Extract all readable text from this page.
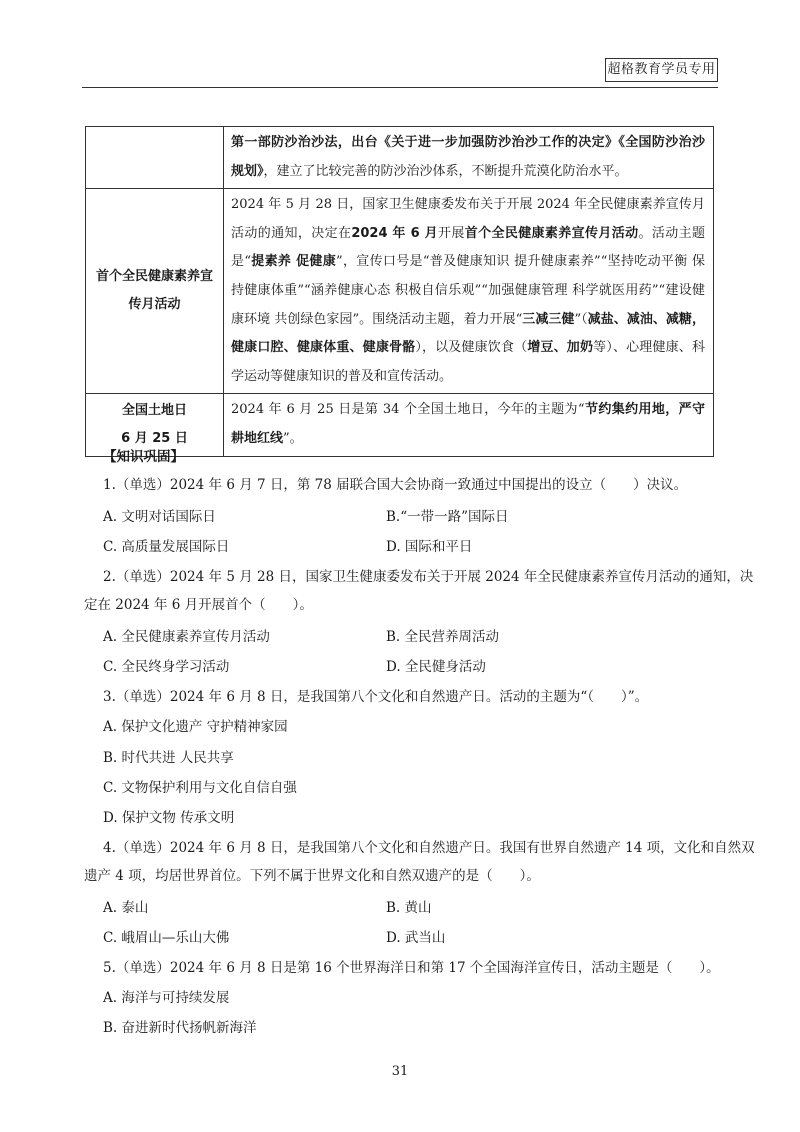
超格教育学员专用
	第一部防沙治沙法，出台《关于进一步加强防沙治沙工作的决定》《全国防沙治沙规划》，建立了比较完善的防沙治沙体系，不断提升荒漠化防治水平。
首个全民健康素养宣传月活动	2024 年 5 月 28 日，国家卫生健康委发布关于开展 2024 年全民健康素养宣传月活动的通知，决定在2024 年 6 月开展首个全民健康素养宣传月活动。活动主题是“提素养 促健康”，宣传口号是“普及健康知识 提升健康素养”“坚持吃动平衡 保持健康体重”“涵养健康心态 积极自信乐观”“加强健康管理 科学就医用药”“建设健康环境 共创绿色家园”。围绕活动主题，着力开展“三减三健”（减盐、减油、减糖，健康口腔、健康体重、健康骨骼），以及健康饮食（增豆、加奶等）、心理健康、科学运动等健康知识的普及和宣传活动。

全国土地日
6 月 25 日	2024 年 6 月 25 日是第 34 个全国土地日，今年的主题为“节约集约用地，严守耕地红线”。
【知识巩固】
1.（单选）2024 年 6 月 7 日，第 78 届联合国大会协商一致通过中国提出的设立（　　）决议。
A. 文明对话国际日	B.“一带一路”国际日
C. 高质量发展国际日	D. 国际和平日
2.（单选）2024 年 5 月 28 日，国家卫生健康委发布关于开展 2024 年全民健康素养宣传月活动的通知，决
定在 2024 年 6 月开展首个（　　）。
A. 全民健康素养宣传月活动	B. 全民营养周活动
C. 全民终身学习活动	D. 全民健身活动
3.（单选）2024 年 6 月 8 日，是我国第八个文化和自然遗产日。活动的主题为“（　　）”。
A. 保护文化遗产 守护精神家园
B. 时代共进 人民共享
C. 文物保护利用与文化自信自强
D. 保护文物 传承文明
4.（单选）2024 年 6 月 8 日，是我国第八个文化和自然遗产日。我国有世界自然遗产 14 项，文化和自然双
遗产 4 项，均居世界首位。下列不属于世界文化和自然双遗产的是（　　）。
A. 泰山	B. 黄山
C. 峨眉山—乐山大佛	D. 武当山
5.（单选）2024 年 6 月 8 日是第 16 个世界海洋日和第 17 个全国海洋宣传日，活动主题是（　　）。
A. 海洋与可持续发展
B. 奋进新时代扬帆新海洋
31
